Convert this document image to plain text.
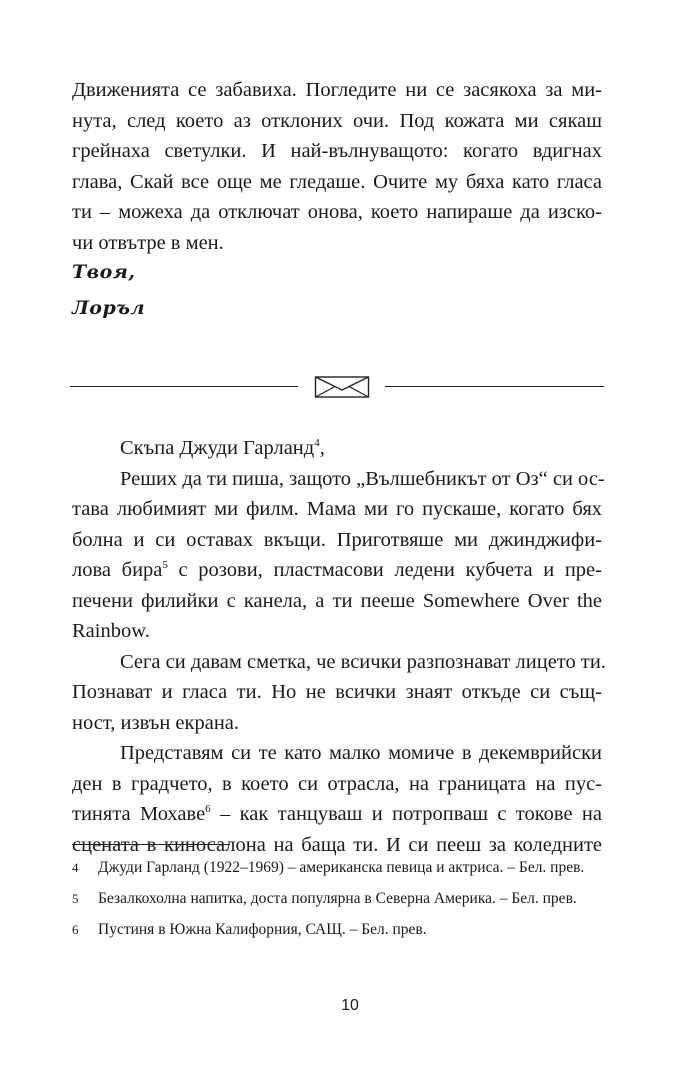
Движенията се забавиха. Погледите ни се засякоха за ми-
нута, след което аз отклоних очи. Под кожата ми сякаш
грейнаха светулки. И най-вълнуващото: когато вдигнах
глава, Скай все още ме гледаше. Очите му бяха като гласа
ти – можеха да отключат онова, което напираше да изско-
чи отвътре в мен.
Твоя,
Лоръл
Скъпа Джуди Гарланд$^4$,
Реших да ти пиша, защото „Вълшебникът от Оз“ си ос-
тава любимият ми филм. Мама ми го пускаше, когато бях
болна и си оставах вкъщи. Приготвяше ми джинджифи-
лова бира$^5$ с розови, пластмасови ледени кубчета и пре-
печени филийки с канела, а ти пееше Somewhere Over the
Rainbow.
Сега си давам сметка, че всички разпознават лицето ти.
Познават и гласа ти. Но не всички знаят откъде си същ-
ност, извън екрана.
Представям си те като малко момиче в декемврийски
ден в градчето, в което си отрасла, на границата на пус-
тинята Мохаве$^6$ – как танцуваш и потропваш с токове на
сцената в киносалона на баща ти. И си пееш за коледните
4 Джуди Гарланд (1922–1969) – американска певица и актриса. – Бел. прев.
5 Безалкохолна напитка, доста популярна в Северна Америка. – Бел. прев.
6 Пустиня в Южна Калифорния, САЩ. – Бел. прев.
10
